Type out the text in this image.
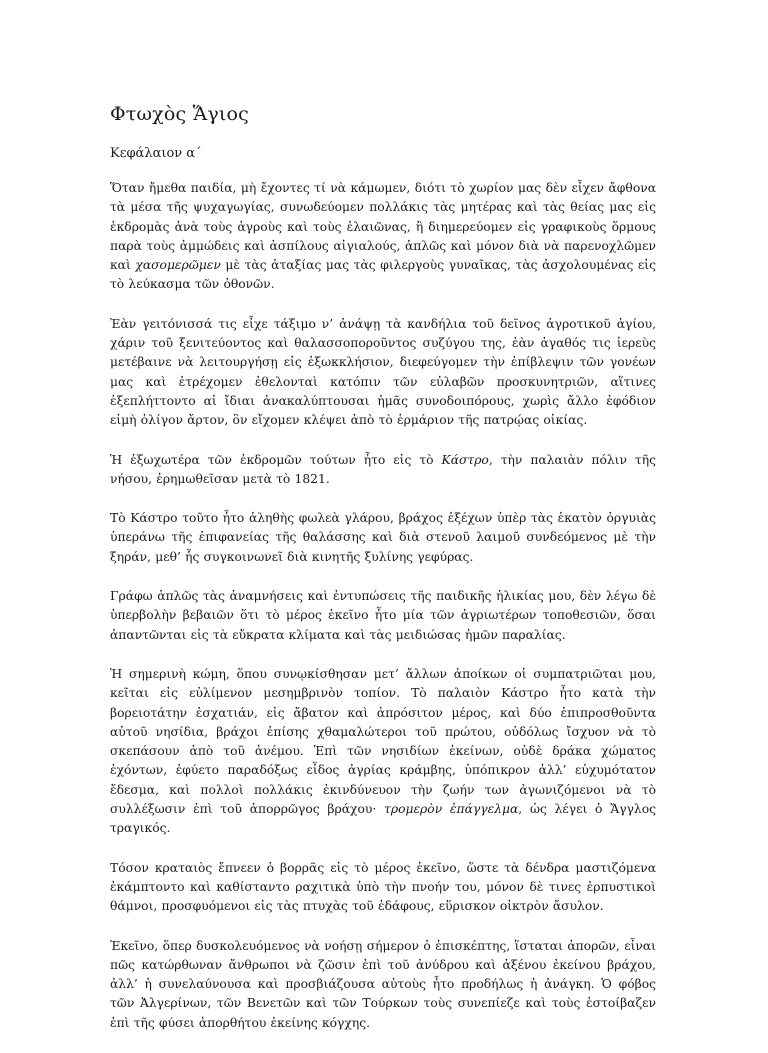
Φτωχὸς Ἅγιος

Κεφάλαιον α΄

Ὅταν ἤμεθα παιδία, μὴ ἔχοντες τί νὰ κάμωμεν, διότι τὸ χωρίον μας δὲν εἶχεν ἄφθονα τὰ μέσα τῆς ψυχαγωγίας, συνωδεύομεν πολλάκις τὰς μητέρας καὶ τὰς θείας μας εἰς ἐκδρομὰς ἀνὰ τοὺς ἀγροὺς καὶ τοὺς ἐλαιῶνας, ἢ διημερεύομεν εἰς γραφικοὺς ὅρμους παρὰ τοὺς ἀμμώδεις καὶ ἀσπίλους αἰγιαλούς, ἁπλῶς καὶ μόνον διὰ νὰ παρενοχλῶμεν καὶ χασομερῶμεν μὲ τὰς ἀταξίας μας τὰς φιλεργοὺς γυναῖκας, τὰς ἀσχολουμένας εἰς τὸ λεύκασμα τῶν ὀθονῶν.

Ἐὰν γειτόνισσά τις εἶχε τάξιμο ν’ ἀνάψῃ τὰ κανδήλια τοῦ δεῖνος ἀγροτικοῦ ἁγίου, χάριν τοῦ ξενιτεύοντος καὶ θαλασσοποροῦντος συζύγου της, ἐὰν ἀγαθός τις ἱερεὺς μετέβαινε νὰ λειτουργήσῃ εἰς ἐξωκκλήσιον, διεφεύγομεν τὴν ἐπίβλεψιν τῶν γονέων μας καὶ ἐτρέχομεν ἐθελονταὶ κατόπιν τῶν εὐλαβῶν προσκυνητριῶν, αἵτινες ἐξεπλήττοντο αἰ ἴδιαι ἀνακαλύπτουσαι ἡμᾶς συνοδοιπόρους, χωρὶς ἄλλο ἐφόδιον εἰμὴ ὀλίγον ἄρτον, ὃν εἴχομεν κλέψει ἀπὸ τὸ ἑρμάριον τῆς πατρῴας οἰκίας.

Ἡ ἐξωχωτέρα τῶν ἐκδρομῶν τούτων ἦτο εἰς τὸ Κάστρο, τὴν παλαιὰν πόλιν τῆς νήσου, ἐρημωθεῖσαν μετὰ τὸ 1821.

Τὸ Κάστρο τοῦτο ἦτο ἀληθὴς φωλεὰ γλάρου, βράχος ἐξέχων ὑπὲρ τὰς ἑκατὸν ὀργυιὰς ὑπεράνω τῆς ἐπιφανείας τῆς θαλάσσης καὶ διὰ στενοῦ λαιμοῦ συνδεόμενος μὲ τὴν ξηράν, μεθ’ ἧς συγκοινωνεῖ διὰ κινητῆς ξυλίνης γεφύρας.

Γράφω ἁπλῶς τὰς ἀναμνήσεις καὶ ἐντυπώσεις τῆς παιδικῆς ἡλικίας μου, δὲν λέγω δὲ ὑπερβολὴν βεβαιῶν ὅτι τὸ μέρος ἐκεῖνο ἦτο μία τῶν ἀγριωτέρων τοποθεσιῶν, ὅσαι ἀπαντῶνται εἰς τὰ εὔκρατα κλίματα καὶ τὰς μειδιώσας ἡμῶν παραλίας.

Ἡ σημερινὴ κώμη, ὅπου συνῳκίσθησαν μετ’ ἄλλων ἀποίκων οἱ συμπατριῶται μου, κεῖται εἰς εὐλίμενον μεσημβρινὸν τοπίον. Τὸ παλαιὸν Κάστρο ἦτο κατὰ τὴν βορειοτάτην ἐσχατιάν, εἰς ἄβατον καὶ ἀπρόσιτον μέρος, καὶ δύο ἐπιπροσθοῦντα αὐτοῦ νησίδια, βράχοι ἐπίσης χθαμαλώτεροι τοῦ πρώτου, οὐδόλως ἴσχυον νὰ τὸ σκεπάσουν ἀπὸ τοῦ ἀνέμου. Ἐπὶ τῶν νησιδίων ἐκείνων, οὐδὲ δράκα χώματος ἐχόντων, ἐφύετο παραδόξως εἶδος ἀγρίας κράμβης, ὑπόπικρον ἀλλ’ εὐχυμότατον ἔδεσμα, καὶ πολλοὶ πολλάκις ἐκινδύνευον τὴν ζωήν των ἀγωνιζόμενοι νὰ τὸ συλλέξωσιν ἐπὶ τοῦ ἀπορρῶγος βράχου· τρομερὸν ἐπάγγελμα, ὡς λέγει ὁ Ἄγγλος τραγικός.

Τόσον κραταιὸς ἔπνεεν ὁ βορρᾶς εἰς τὸ μέρος ἐκεῖνο, ὥστε τὰ δένδρα μαστιζόμενα ἐκάμπτοντο καὶ καθίσταντο ραχιτικὰ ὑπὸ τὴν πνοήν του, μόνον δὲ τινες ἐρπυστικοὶ θάμνοι, προσφυόμενοι εἰς τὰς πτυχὰς τοῦ ἐδάφους, εὕρισκον οἰκτρὸν ἄσυλον.

Ἐκεῖνο, ὅπερ δυσκολευόμενος νὰ νοήσῃ σήμερον ὁ ἐπισκέπτης, ἵσταται ἀπορῶν, εἶναι πῶς κατώρθωναν ἄνθρωποι νὰ ζῶσιν ἐπὶ τοῦ ἀνύδρου καὶ ἀξένου ἐκείνου βράχου, ἀλλ’ ἡ συνελαύνουσα καὶ προσβιάζουσα αὐτοὺς ἦτο προδήλως ἡ ἀνάγκη. Ὁ φόβος τῶν Ἀλγερίνων, τῶν Βενετῶν καὶ τῶν Τούρκων τοὺς συνεπίεζε καὶ τοὺς ἐστοίβαζεν ἐπὶ τῆς φύσει ἀπορθήτου ἐκείνης κόγχης.
